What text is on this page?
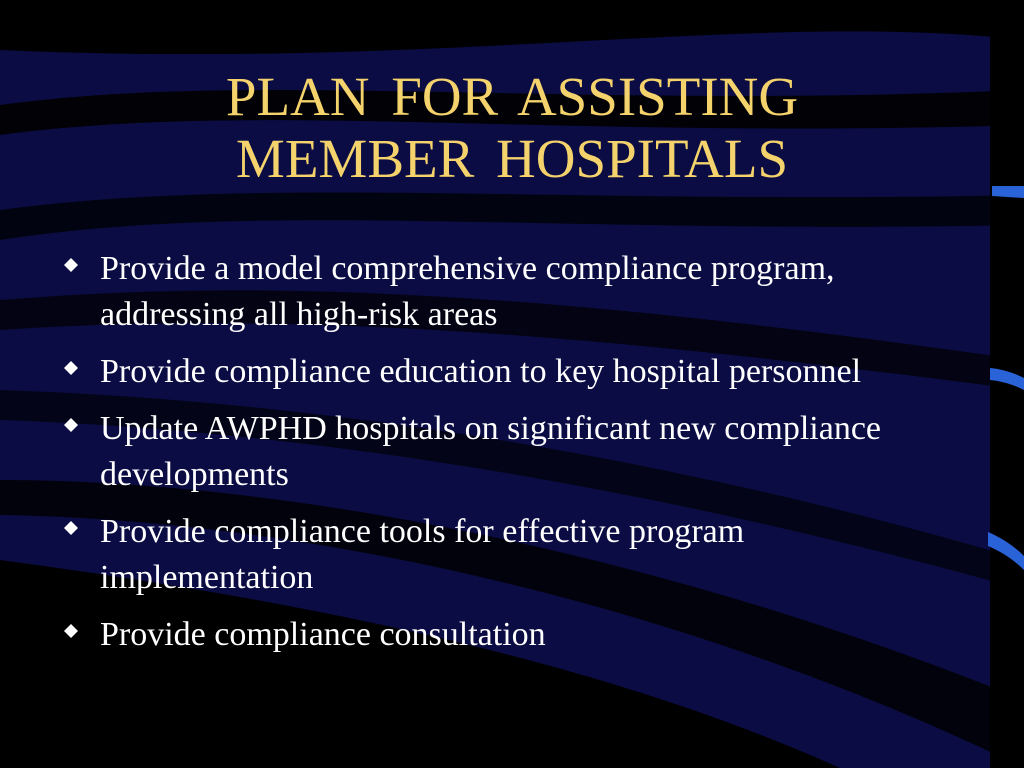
PLAN FOR ASSISTING
MEMBER HOSPITALS
Provide a model comprehensive compliance program, addressing all high-risk areas
Provide compliance education to key hospital personnel
Update AWPHD hospitals on significant new compliance developments
Provide compliance tools for effective program implementation
Provide compliance consultation
